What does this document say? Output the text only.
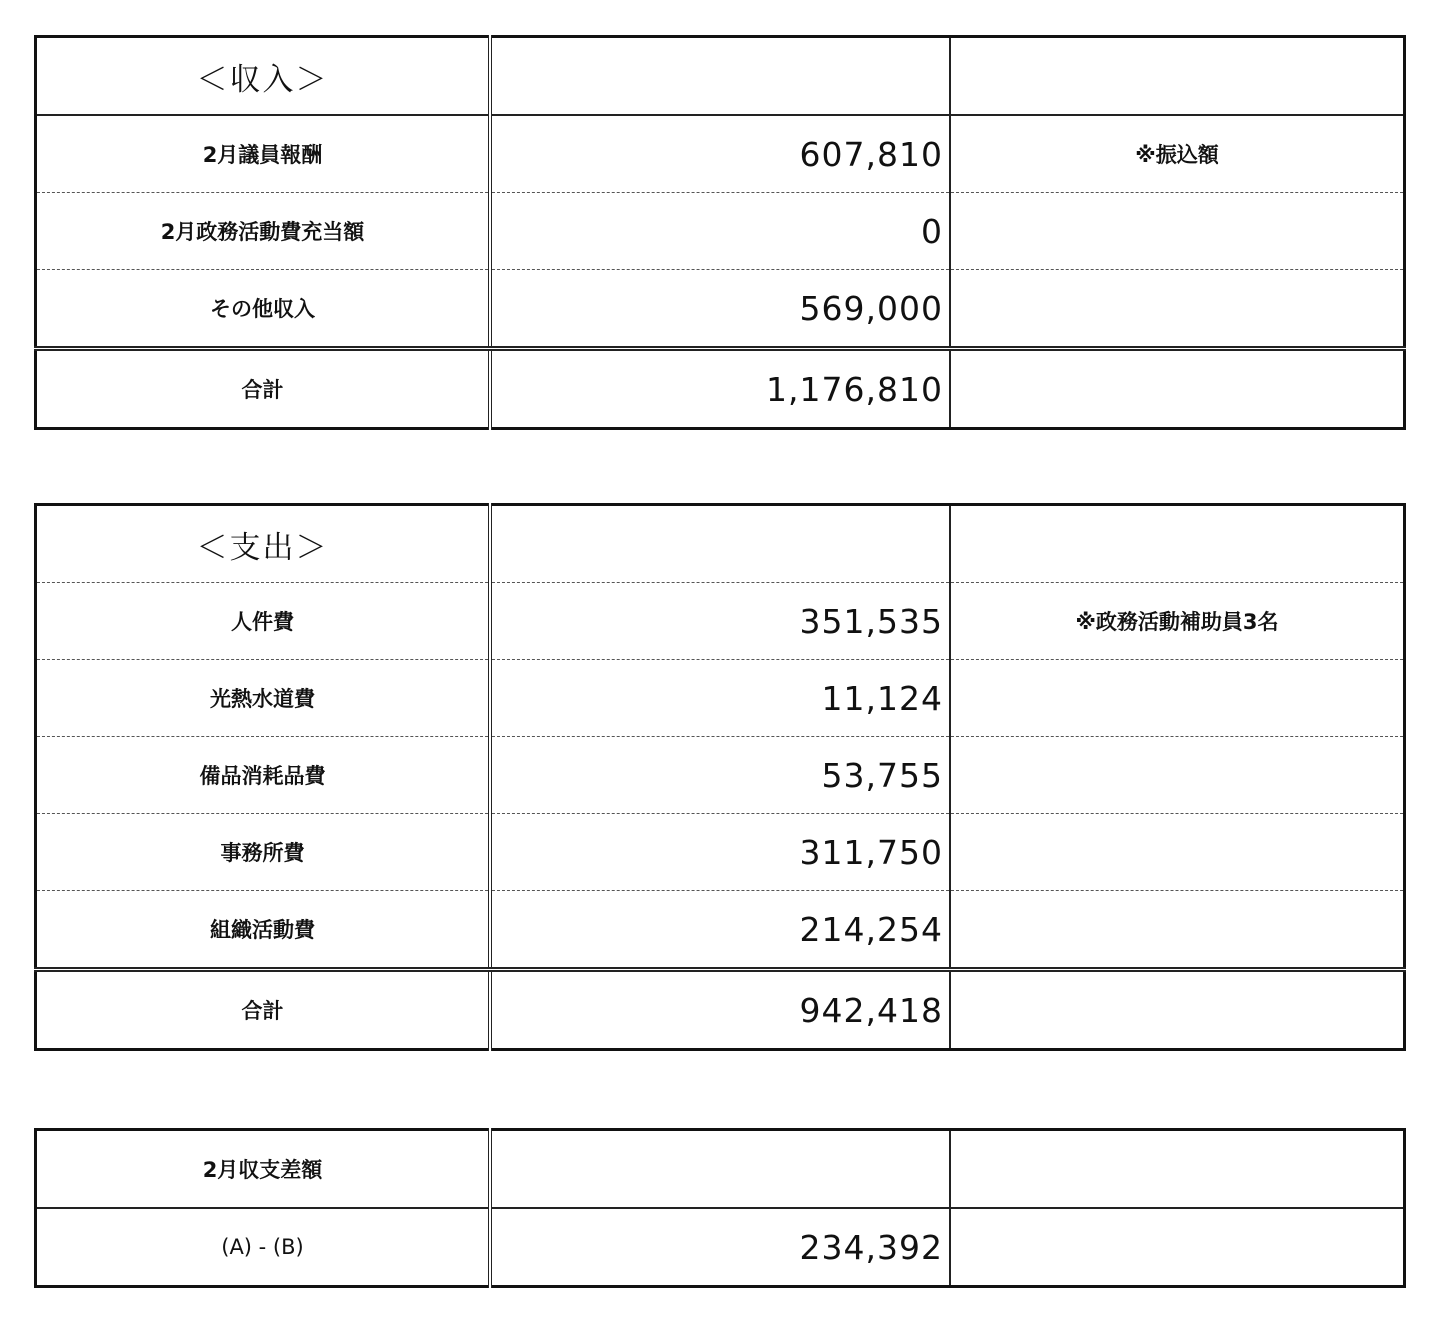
＜収入＞		
2月議員報酬	607,810	※振込額
2月政務活動費充当額	0	
その他収入	569,000	
合計	1,176,810	
＜支出＞		
人件費	351,535	※政務活動補助員3名
光熱水道費	11,124	
備品消耗品費	53,755	
事務所費	311,750	
組織活動費	214,254	
合計	942,418	
2月収支差額		
(A) - (B)	234,392	
